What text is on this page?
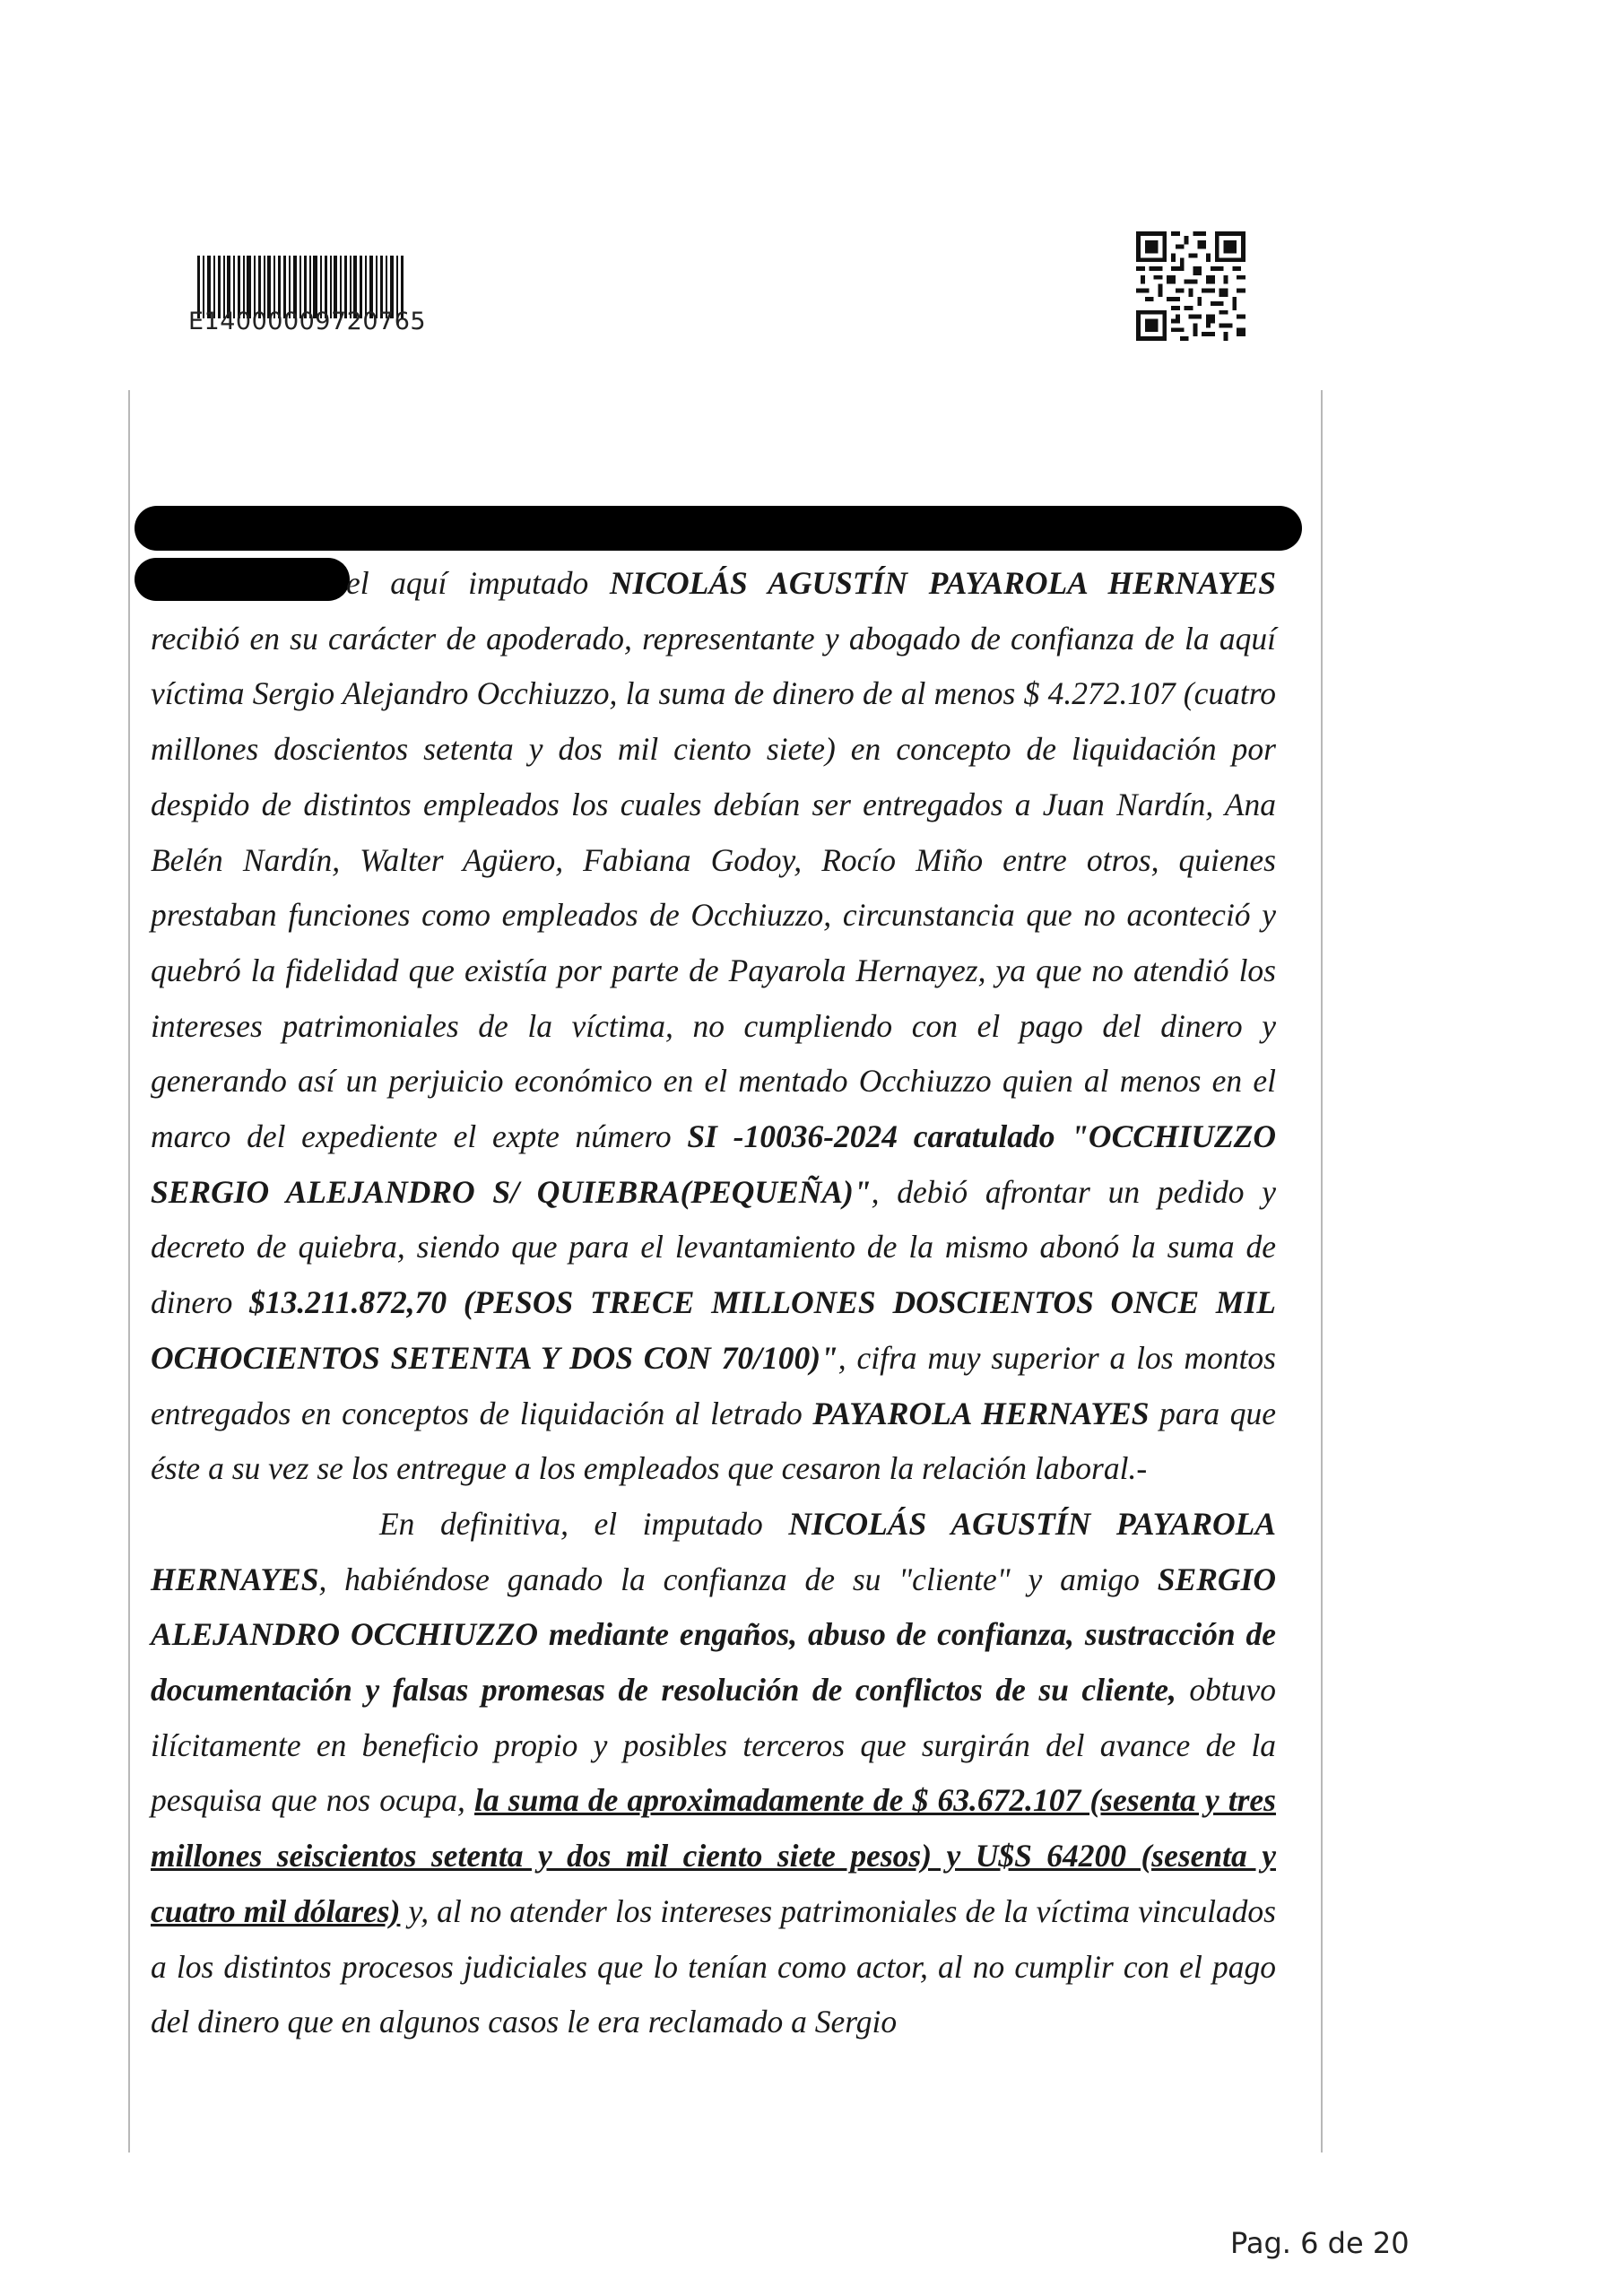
E14000009720765

el aquí imputado NICOLÁS AGUSTÍN PAYAROLA HERNAYES recibió en su carácter de apoderado, representante y abogado de confianza de la aquí víctima Sergio Alejandro Occhiuzzo, la suma de dinero de al menos $ 4.272.107 (cuatro millones doscientos setenta y dos mil ciento siete) en concepto de liquidación por despido de distintos empleados los cuales debían ser entregados a Juan Nardín, Ana Belén Nardín, Walter Agüero, Fabiana Godoy, Rocío Miño entre otros, quienes prestaban funciones como empleados de Occhiuzzo, circunstancia que no aconteció y quebró la fidelidad que existía por parte de Payarola Hernayez, ya que no atendió los intereses patrimoniales de la víctima, no cumpliendo con el pago del dinero y generando así un perjuicio económico en el mentado Occhiuzzo quien al menos en el marco del expediente el expte número SI -10036-2024 caratulado "OCCHIUZZO SERGIO ALEJANDRO S/ QUIEBRA(PEQUEÑA)", debió afrontar un pedido y decreto de quiebra, siendo que para el levantamiento de la mismo abonó la suma de dinero $13.211.872,70 (PESOS TRECE MILLONES DOSCIENTOS ONCE MIL OCHOCIENTOS SETENTA Y DOS CON 70/100)", cifra muy superior a los montos entregados en conceptos de liquidación al letrado PAYAROLA HERNAYES para que éste a su vez se los entregue a los empleados que cesaron la relación laboral.-

En definitiva, el imputado NICOLÁS AGUSTÍN PAYAROLA HERNAYES, habiéndose ganado la confianza de su "cliente" y amigo SERGIO ALEJANDRO OCCHIUZZO mediante engaños, abuso de confianza, sustracción de documentación y falsas promesas de resolución de conflictos de su cliente, obtuvo ilícitamente en beneficio propio y posibles terceros que surgirán del avance de la pesquisa que nos ocupa, la suma de aproximadamente de $ 63.672.107 (sesenta y tres millones seiscientos setenta y dos mil ciento siete pesos) y U$S 64200 (sesenta y cuatro mil dólares) y, al no atender los intereses patrimoniales de la víctima vinculados a los distintos procesos judiciales que lo tenían como actor, al no cumplir con el pago del dinero que en algunos casos le era reclamado a Sergio

Pag. 6 de 20
